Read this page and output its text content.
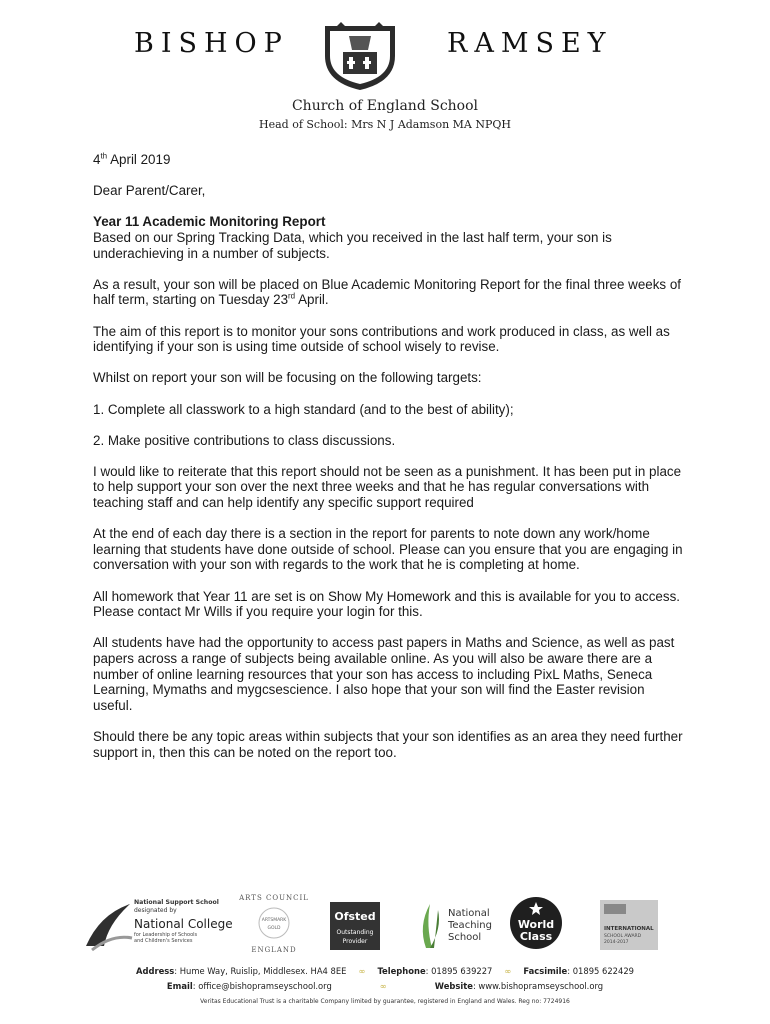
BISHOP	RAMSEY
Church of England School
Head of School: Mrs N J Adamson MA NPQH

4th April 2019

Dear Parent/Carer,

Year 11 Academic Monitoring Report
Based on our Spring Tracking Data, which you received in the last half term, your son is underachieving in a number of subjects.

As a result, your son will be placed on Blue Academic Monitoring Report for the final three weeks of half term, starting on Tuesday 23rd April.

The aim of this report is to monitor your sons contributions and work produced in class, as well as identifying if your son is using time outside of school wisely to revise.

Whilst on report your son will be focusing on the following targets:

1. Complete all classwork to a high standard (and to the best of ability);

2. Make positive contributions to class discussions.

I would like to reiterate that this report should not be seen as a punishment. It has been put in place to help support your son over the next three weeks and that he has regular conversations with teaching staff and can help identify any specific support required

At the end of each day there is a section in the report for parents to note down any work/home learning that students have done outside of school. Please can you ensure that you are engaging in conversation with your son with regards to the work that he is completing at home.

All homework that Year 11 are set is on Show My Homework and this is available for you to access. Please contact Mr Wills if you require your login for this.

All students have had the opportunity to access past papers in Maths and Science, as well as past papers across a range of subjects being available online. As you will also be aware there are a number of online learning resources that your son has access to including PixL Maths, Seneca Learning, Mymaths and mygcsescience. I also hope that your son will find the Easter revision useful.

Should there be any topic areas within subjects that your son identifies as an area they need further support in, then this can be noted on the report too.

National Support School
designated by
National College
for Leadership of Schools
and Children's Services
ARTS COUNCIL
ARTSMARK
GOLD
ENGLAND
Ofsted
Outstanding
Provider
National
Teaching
School
World
Class
INTERNATIONAL
SCHOOL AWARD
2014-2017
Address: Hume Way, Ruislip, Middlesex. HA4 8EE ∞ Telephone: 01895 639227 ∞ Facsimile: 01895 622429
Email: office@bishopramseyschool.org	∞	Website: www.bishopramseyschool.org
Veritas Educational Trust is a charitable Company limited by guarantee, registered in England and Wales. Reg no: 7724916
